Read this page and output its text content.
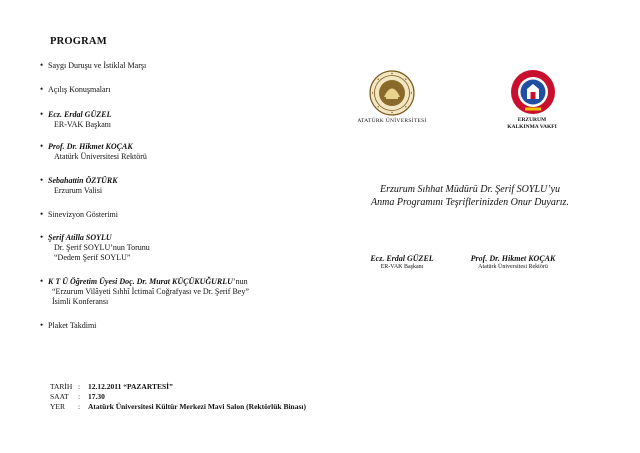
PROGRAM
• Saygı Duruşu ve İstiklal Marşı
• Açılış Konuşmaları
• Ecz. Erdal GÜZEL
ER-VAK Başkanı
• Prof. Dr. Hikmet KOÇAK
Atatürk Üniversitesi Rektörü
• Sebahattin ÖZTÜRK
Erzurum Valisi
• Sinevizyon Gösterimi
• Şerif Atilla SOYLU
Dr. Şerif SOYLU’nun Torunu
“Dedem Şerif SOYLU”
• K T Ü Öğretim Üyesi Doç. Dr. Murat KÜÇÜKUĞURLU’nun
“Erzurum Vilâyeti Sıhhî İctimaî Coğrafyası ve Dr. Şerif Bey”
İsimli Konferansı
• Plaket Takdimi
TARİH : 12.12.2011 “PAZARTESİ”
SAAT : 17.30
YER : Atatürk Üniversitesi Kültür Merkezi Mavi Salon (Rektörlük Binası)
ATATÜRK ÜNİVERSİTESİ	ERZURUM
KALKINMA VAKFI
Erzurum Sıhhat Müdürü Dr. Şerif SOYLU’yu
Anma Programını Teşriflerinizden Onur Duyarız.
Ecz. Erdal GÜZEL
ER-VAK Başkanı
Prof. Dr. Hikmet KOÇAK
Atatürk Üniversitesi Rektörü
